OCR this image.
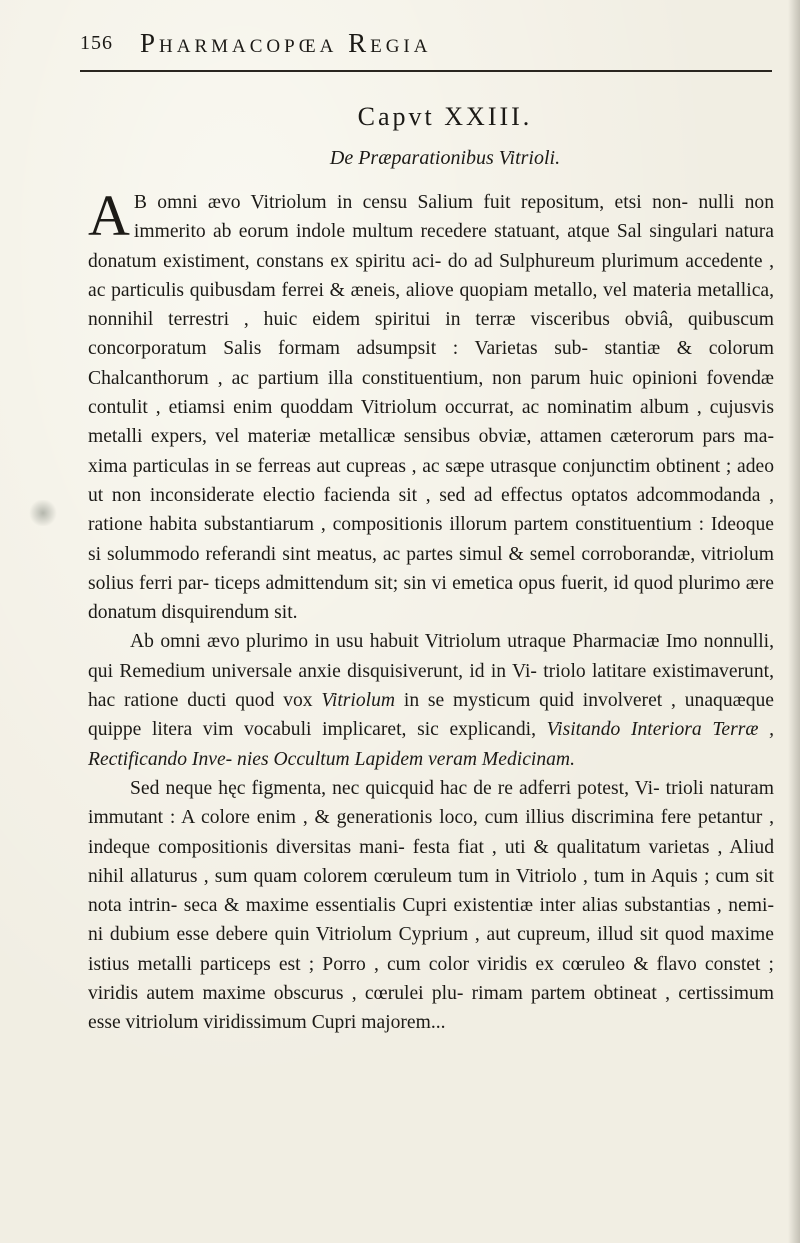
156 Pharmacopœa Regia
Capvt XXIII.
De Præparationibus Vitrioli.

A B omni ævo Vitriolum in censu Salium fuit repositum, etsi non- nulli non immerito ab eorum indole multum recedere statuant, atque Sal singulari natura donatum existiment, constans ex spiritu aci- do ad Sulphureum plurimum accedente , ac particulis quibusdam ferrei & æneis, aliove quopiam metallo, vel materia metallica, nonnihil terrestri , huic eidem spiritui in terræ visceribus obviâ, quibuscum concorporatum Salis formam adsumpsit : Varietas sub- stantiæ & colorum Chalcanthorum , ac partium illa constituentium, non parum huic opinioni fovendæ contulit , etiamsi enim quoddam Vitriolum occurrat, ac nominatim album , cujusvis metalli expers, vel materiæ metallicæ sensibus obviæ, attamen cæterorum pars ma- xima particulas in se ferreas aut cupreas , ac sæpe utrasque conjunctim obtinent ; adeo ut non inconsiderate electio facienda sit , sed ad effectus optatos adcommodanda , ratione habita substantiarum , compositionis illorum partem constituentium : Ideoque si solummodo referandi sint meatus, ac partes simul & semel corroborandæ, vitriolum solius ferri par- ticeps admittendum sit; sin vi emetica opus fuerit, id quod plurimo ære donatum disquirendum sit.

Ab omni ævo plurimo in usu habuit Vitriolum utraque Pharmaciæ Imo nonnulli, qui Remedium universale anxie disquisiverunt, id in Vi- triolo latitare existimaverunt, hac ratione ducti quod vox Vitriolum in se mysticum quid involveret , unaquæque quippe litera vim vocabuli implicaret, sic explicandi, Visitando Interiora Terræ , Rectificando Inve- nies Occultum Lapidem veram Medicinam.

Sed neque hęc figmenta, nec quicquid hac de re adferri potest, Vi- trioli naturam immutant : A colore enim , & generationis loco, cum illius discrimina fere petantur , indeque compositionis diversitas mani- festa fiat , uti & qualitatum varietas , Aliud nihil allaturus , sum quam colorem cœruleum tum in Vitriolo , tum in Aquis ; cum sit nota intrin- seca & maxime essentialis Cupri existentiæ inter alias substantias , nemi- ni dubium esse debere quin Vitriolum Cyprium , aut cupreum, illud sit quod maxime istius metalli particeps est ; Porro , cum color viridis ex cœruleo & flavo constet ; viridis autem maxime obscurus , cœrulei plu- rimam partem obtineat , certissimum esse vitriolum viridissimum Cupri majorem...
